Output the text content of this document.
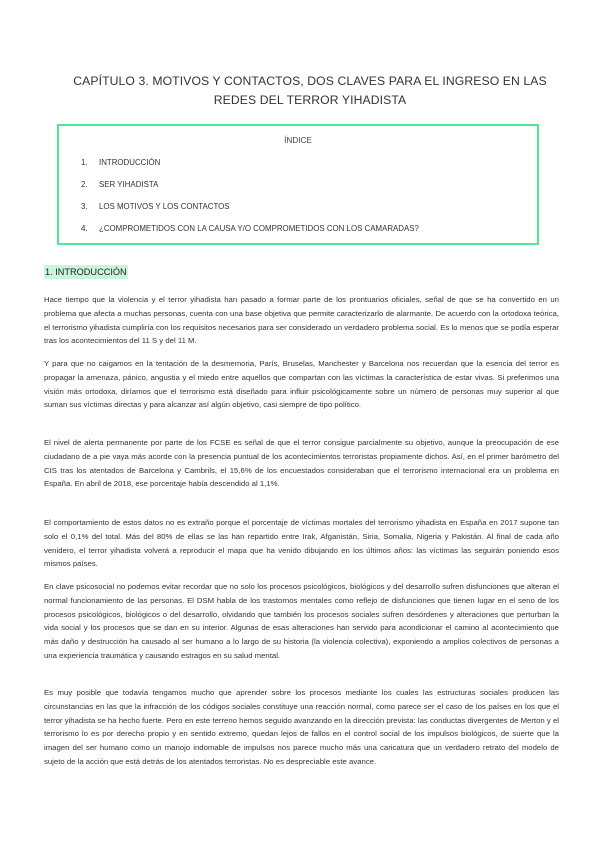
CAPÍTULO 3. MOTIVOS Y CONTACTOS, DOS CLAVES PARA EL INGRESO EN LAS REDES DEL TERROR YIHADISTA
ÍNDICE
1. INTRODUCCIÓN
2. SER YIHADISTA
3. LOS MOTIVOS Y LOS CONTACTOS
4. ¿COMPROMETIDOS CON LA CAUSA Y/O COMPROMETIDOS CON LOS CAMARADAS?
1. INTRODUCCIÓN

Hace tiempo que la violencia y el terror yihadista han pasado a formar parte de los prontuarios oficiales, señal de que se ha convertido en un problema que afecta a muchas personas, cuenta con una base objetiva que permite caracterizarlo de alarmante. De acuerdo con la ortodoxa teórica, el terrorismo yihadista cumpliría con los requisitos necesarios para ser considerado un verdadero problema social. Es lo menos que se podía esperar tras los acontecimientos del 11 S y del 11 M.

Y para que no caigamos en la tentación de la desmemoria, París, Bruselas, Manchester y Barcelona nos recuerdan que la esencia del terror es propagar la amenaza, pánico, angustia y el miedo entre aquellos que compartan con las víctimas la característica de estar vivas. Si preferimos una visión más ortodoxa, diríamos que el terrorismo está diseñado para influir psicológicamente sobre un número de personas muy superior al que suman sus víctimas directas y para alcanzar así algún objetivo, casi siempre de tipo político.

El nivel de alerta permanente por parte de los FCSE es señal de que el terror consigue parcialmente su objetivo, aunque la preocupación de ese ciudadano de a pie vaya más acorde con la presencia puntual de los acontecimientos terroristas propiamente dichos. Así, en el primer barómetro del CIS tras los atentados de Barcelona y Cambrils, el 15,6% de los encuestados consideraban que el terrorismo internacional era un problema en España. En abril de 2018, ese porcentaje había descendido al 1,1%.

El comportamiento de estos datos no es extraño porque el porcentaje de víctimas mortales del terrorismo yihadista en España en 2017 supone tan solo el 0,1% del total. Más del 80% de ellas se las han repartido entre Irak, Afganistán, Siria, Somalia, Nigeria y Pakistán. Al final de cada año venidero, el terror yihadista volverá a reproducir el mapa que ha venido dibujando en los últimos años: las víctimas las seguirán poniendo esos mismos países.

En clave psicosocial no podemos evitar recordar que no solo los procesos psicológicos, biológicos y del desarrollo sufren disfunciones que alteran el normal funcionamiento de las personas. El DSM habla de los trastornos mentales como reflejo de disfunciones que tienen lugar en el seno de los procesos psicológicos, biológicos o del desarrollo, olvidando que también los procesos sociales sufren desórdenes y alteraciones que perturban la vida social y los procesos que se dan en su interior. Algunas de esas alteraciones han servido para acondicionar el camino al acontecimiento que más daño y destrucción ha causado al ser humano a lo largo de su historia (la violencia colectiva), exponiendo a amplios colectivos de personas a una experiencia traumática y causando estragos en su salud mental.

Es muy posible que todavía tengamos mucho que aprender sobre los procesos mediante los cuales las estructuras sociales producen las circunstancias en las que la infracción de los códigos sociales constituye una reacción normal, como parece ser el caso de los países en los que el terror yihadista se ha hecho fuerte. Pero en este terreno hemos seguido avanzando en la dirección prevista: las conductas divergentes de Merton y el terrorismo lo es por derecho propio y en sentido extremo, quedan lejos de fallos en el control social de los impulsos biológicos, de suerte que la imagen del ser humano como un manojo indomable de impulsos nos parece mucho más una caricatura que un verdadero retrato del modelo de sujeto de la acción que está detrás de los atentados terroristas. No es despreciable este avance.
